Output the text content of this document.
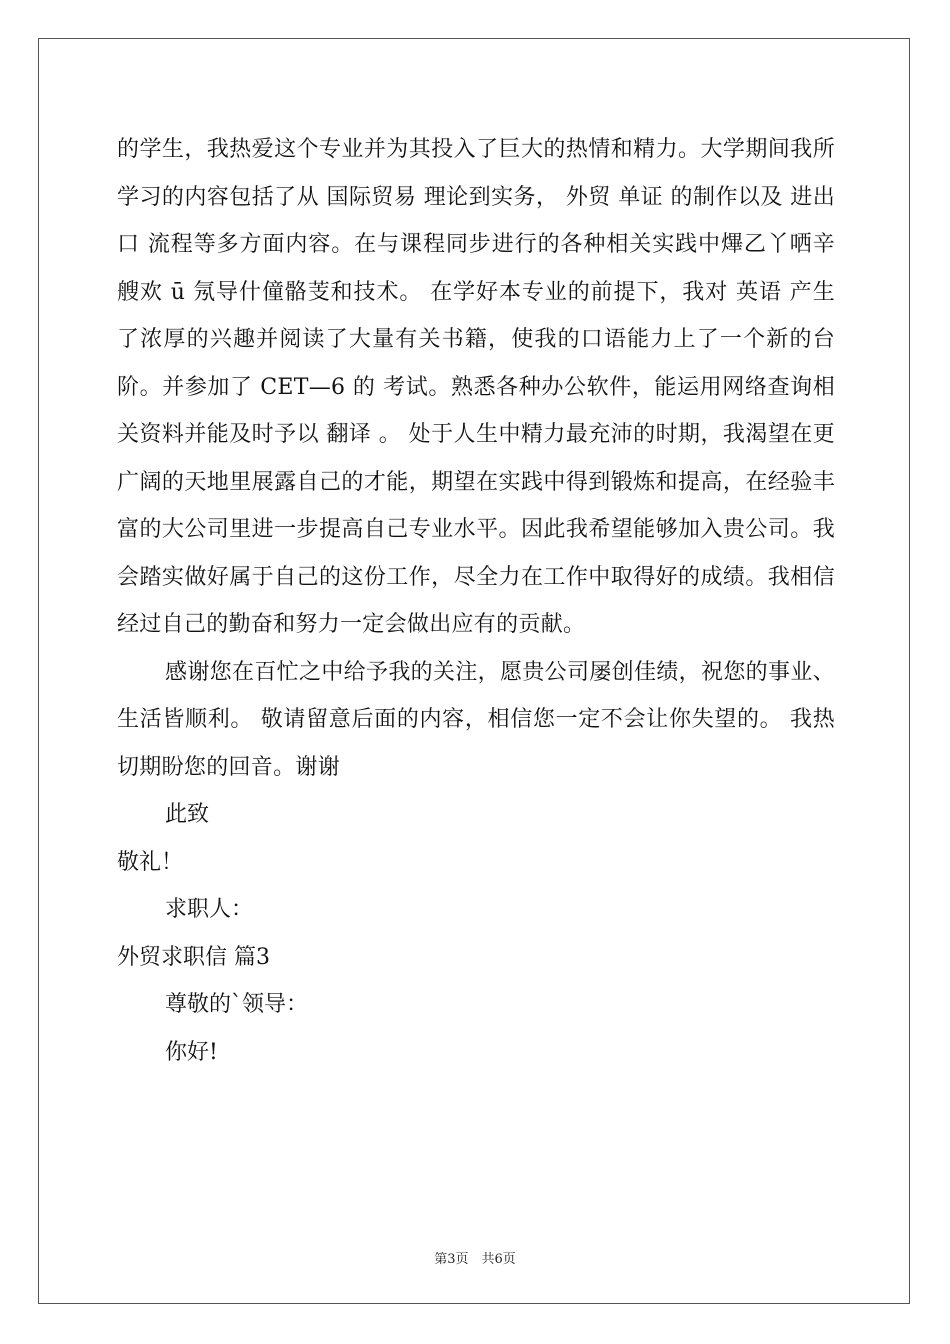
的学生，我热爱这个专业并为其投入了巨大的热情和精力。大学期间我所学习的内容包括了从 国际贸易 理论到实务， 外贸 单证 的制作以及 进出口 流程等多方面内容。在与课程同步进行的各种相关实践中熚乙丫哂辛艘欢 ū 氖导什僮骼芰和技术。 在学好本专业的前提下，我对 英语 产生了浓厚的兴趣并阅读了大量有关书籍，使我的口语能力上了一个新的台阶。并参加了 CET—6 的 考试。熟悉各种办公软件，能运用网络查询相关资料并能及时予以 翻译 。 处于人生中精力最充沛的时期，我渴望在更广阔的天地里展露自己的才能，期望在实践中得到锻炼和提高，在经验丰富的大公司里进一步提高自己专业水平。因此我希望能够加入贵公司。我会踏实做好属于自己的这份工作，尽全力在工作中取得好的成绩。我相信经过自己的勤奋和努力一定会做出应有的贡献。

感谢您在百忙之中给予我的关注，愿贵公司屡创佳绩，祝您的事业、生活皆顺利。 敬请留意后面的内容，相信您一定不会让你失望的。 我热切期盼您的回音。谢谢

此致

敬礼！

求职人：

外贸求职信 篇3

尊敬的`领导：

你好!

第3页　共6页
